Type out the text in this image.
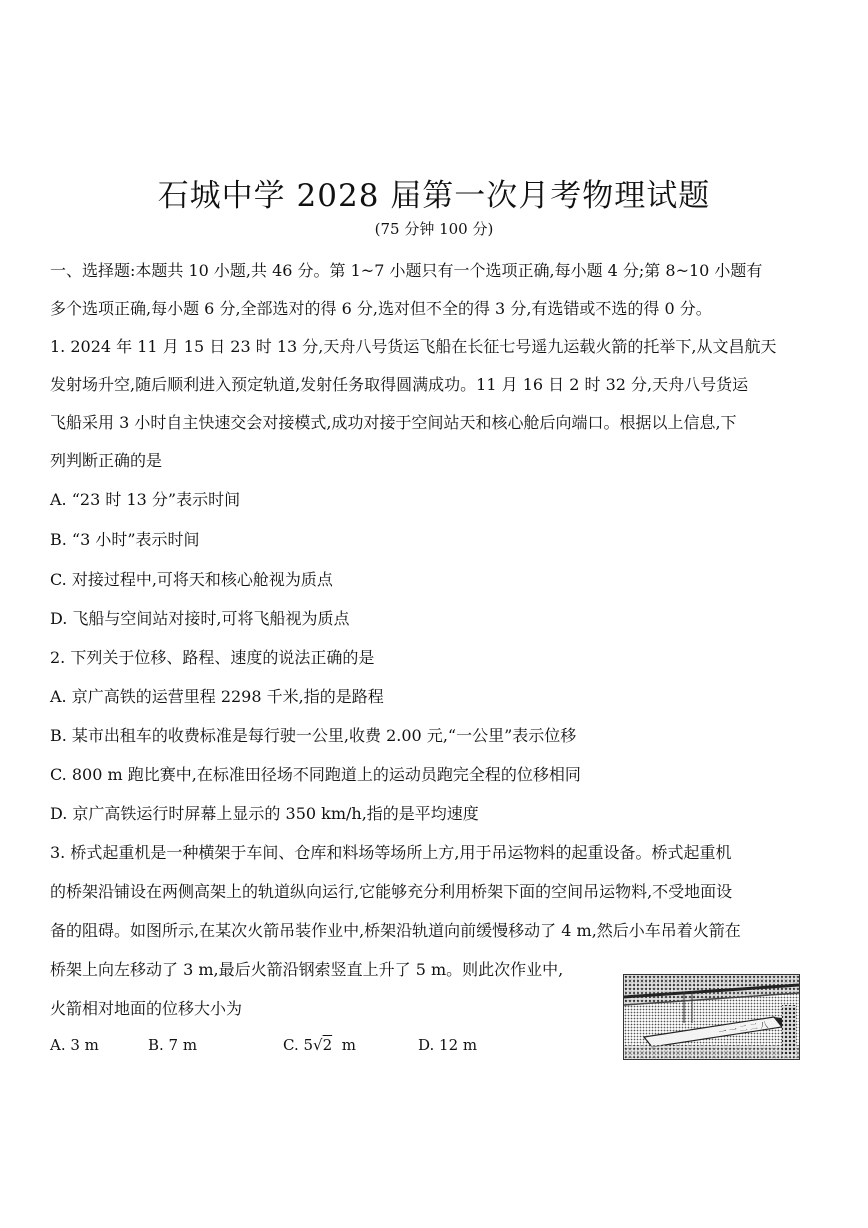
石城中学 2028 届第一次月考物理试题
(75 分钟 100 分)
一、选择题:本题共 10 小题,共 46 分。第 1~7 小题只有一个选项正确,每小题 4 分;第 8~10 小题有
多个选项正确,每小题 6 分,全部选对的得 6 分,选对但不全的得 3 分,有选错或不选的得 0 分。
1. 2024 年 11 月 15 日 23 时 13 分,天舟八号货运飞船在长征七号遥九运载火箭的托举下,从文昌航天
发射场升空,随后顺利进入预定轨道,发射任务取得圆满成功。11 月 16 日 2 时 32 分,天舟八号货运
飞船采用 3 小时自主快速交会对接模式,成功对接于空间站天和核心舱后向端口。根据以上信息,下
列判断正确的是
A. “23 时 13 分”表示时间
B. “3 小时”表示时间
C. 对接过程中,可将天和核心舱视为质点
D. 飞船与空间站对接时,可将飞船视为质点
2. 下列关于位移、路程、速度的说法正确的是
A. 京广高铁的运营里程 2298 千米,指的是路程
B. 某市出租车的收费标准是每行驶一公里,收费 2.00 元,“一公里”表示位移
C. 800 m 跑比赛中,在标准田径场不同跑道上的运动员跑完全程的位移相同
D. 京广高铁运行时屏幕上显示的 350 km/h,指的是平均速度
3. 桥式起重机是一种横架于车间、仓库和料场等场所上方,用于吊运物料的起重设备。桥式起重机
的桥架沿铺设在两侧高架上的轨道纵向运行,它能够充分利用桥架下面的空间吊运物料,不受地面设
备的阻碍。如图所示,在某次火箭吊装作业中,桥架沿轨道向前缓慢移动了 4 m,然后小车吊着火箭在
桥架上向左移动了 3 m,最后火箭沿钢索竖直上升了 5 m。则此次作业中,
火箭相对地面的位移大小为
A. 3 m	B. 7 m	C. 5√2 m	D. 12 m
一 一 二 二 八
